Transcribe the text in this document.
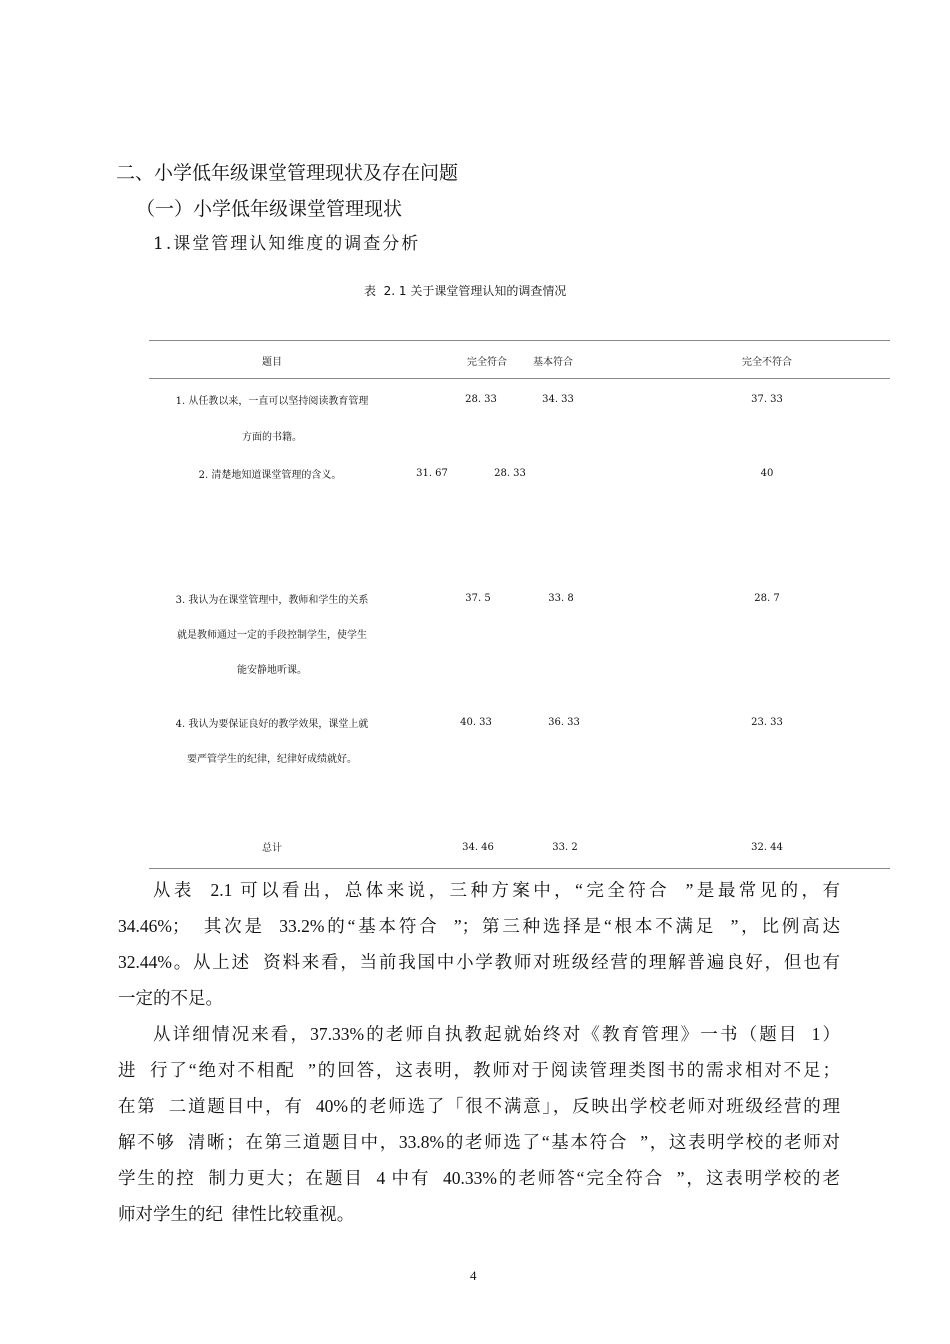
二、小学低年级课堂管理现状及存在问题
（一）小学低年级课堂管理现状
1.课堂管理认知维度的调查分析
表  2. 1 关于课堂管理认知的调查情况
题目	完全符合	基本符合	完全不符合
1. 从任教以来，一直可以坚持阅读教育管理
方面的书籍。
28. 33	34. 33	37. 33
2. 清楚地知道课堂管理的含义。	31. 67	28. 33	40
3. 我认为在课堂管理中，教师和学生的关系
就是教师通过一定的手段控制学生，使学生
能安静地听课。
37. 5	33. 8	28. 7
4. 我认为要保证良好的教学效果，课堂上就
要严管学生的纪律，纪律好成绩就好。
40. 33	36. 33	23. 33
总计	34. 46	33. 2	32. 44
从表  2.1 可以看出，总体来说，三种方案中，“完全符合  ”是最常见的，有
34.46%；  其次是  33.2%的“基本符合  ”；第三种选择是“根本不满足  ”，比例高达
32.44%。从上述  资料来看，当前我国中小学教师对班级经营的理解普遍良好，但也有
一定的不足。
从详细情况来看，37.33%的老师自执教起就始终对《教育管理》一书（题目  1）
进  行了“绝对不相配  ”的回答，这表明，教师对于阅读管理类图书的需求相对不足；
在第  二道题目中，有  40%的老师选了「很不满意」，反映出学校老师对班级经营的理
解不够  清晰；在第三道题目中，33.8%的老师选了“基本符合  ”，这表明学校的老师对
学生的控  制力更大；在题目  4 中有  40.33%的老师答“完全符合  ”，这表明学校的老
师对学生的纪  律性比较重视。
4
